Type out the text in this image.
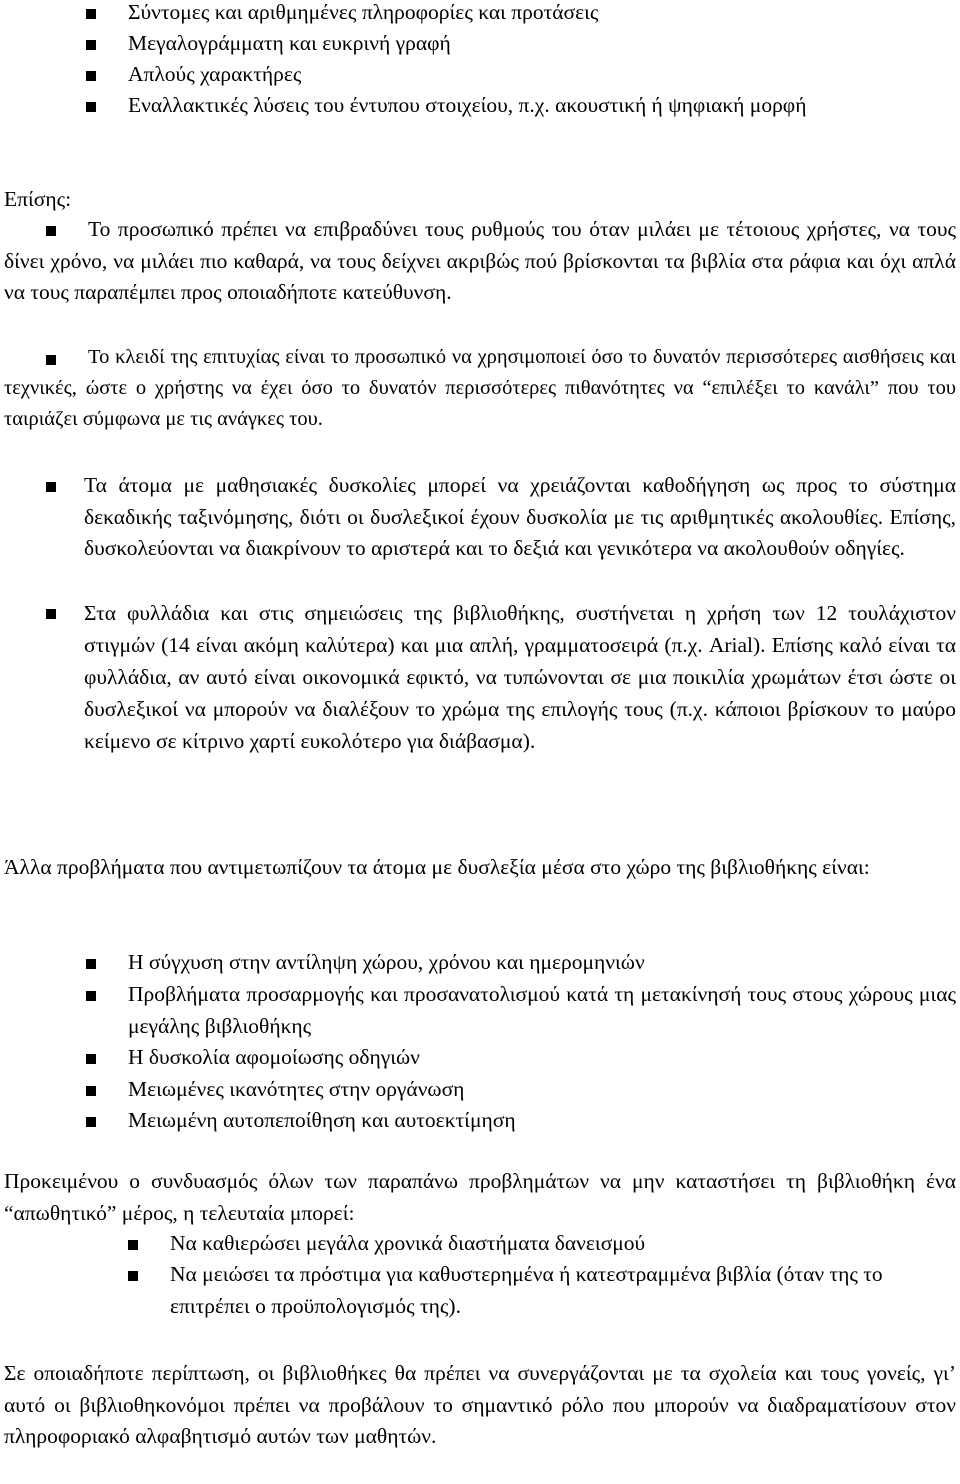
Σύντομες και αριθμημένες πληροφορίες και προτάσεις

Μεγαλογράμματη και ευκρινή γραφή

Απλούς χαρακτήρες

Εναλλακτικές λύσεις του έντυπου στοιχείου, π.χ. ακουστική ή ψηφιακή μορφή

Επίσης:

Το προσωπικό πρέπει να επιβραδύνει τους ρυθμούς του όταν μιλάει με τέτοιους χρήστες, να τους δίνει χρόνο, να μιλάει πιο καθαρά, να τους δείχνει ακριβώς πού βρίσκονται τα βιβλία στα ράφια και όχι απλά να τους παραπέμπει προς οποιαδήποτε κατεύθυνση.

Το κλειδί της επιτυχίας είναι το προσωπικό να χρησιμοποιεί όσο το δυνατόν περισσότερες αισθήσεις και τεχνικές, ώστε ο χρήστης να έχει όσο το δυνατόν περισσότερες πιθανότητες να “επιλέξει το κανάλι” που του ταιριάζει σύμφωνα με τις ανάγκες του.

Τα άτομα με μαθησιακές δυσκολίες μπορεί να χρειάζονται καθοδήγηση ως προς το σύστημα δεκαδικής ταξινόμησης, διότι οι δυσλεξικοί έχουν δυσκολία με τις αριθμητικές ακολουθίες. Επίσης, δυσκολεύονται να διακρίνουν το αριστερά και το δεξιά και γενικότερα να ακολουθούν οδηγίες.

Στα φυλλάδια και στις σημειώσεις της βιβλιοθήκης, συστήνεται η χρήση των 12 τουλάχιστον στιγμών (14 είναι ακόμη καλύτερα) και μια απλή, γραμματοσειρά (π.χ. Arial). Επίσης καλό είναι τα φυλλάδια, αν αυτό είναι οικονομικά εφικτό, να τυπώνονται σε μια ποικιλία χρωμάτων έτσι ώστε οι δυσλεξικοί να μπορούν να διαλέξουν το χρώμα της επιλογής τους (π.χ. κάποιοι βρίσκουν το μαύρο κείμενο σε κίτρινο χαρτί ευκολότερο για διάβασμα).

Άλλα προβλήματα που αντιμετωπίζουν τα άτομα με δυσλεξία μέσα στο χώρο της βιβλιοθήκης είναι:

Η σύγχυση στην αντίληψη χώρου, χρόνου και ημερομηνιών

Προβλήματα προσαρμογής και προσανατολισμού κατά τη μετακίνησή τους στους χώρους μιας μεγάλης βιβλιοθήκης

Η δυσκολία αφομοίωσης οδηγιών

Μειωμένες ικανότητες στην οργάνωση

Μειωμένη αυτοπεποίθηση και αυτοεκτίμηση

Προκειμένου ο συνδυασμός όλων των παραπάνω προβλημάτων να μην καταστήσει τη βιβλιοθήκη ένα “απωθητικό” μέρος, η τελευταία μπορεί:

Να καθιερώσει μεγάλα χρονικά διαστήματα δανεισμού

Να μειώσει τα πρόστιμα για καθυστερημένα ή κατεστραμμένα βιβλία (όταν της το επιτρέπει ο προϋπολογισμός της).

Σε οποιαδήποτε περίπτωση, οι βιβλιοθήκες θα πρέπει να συνεργάζονται με τα σχολεία και τους γονείς, γι’ αυτό οι βιβλιοθηκονόμοι πρέπει να προβάλουν το σημαντικό ρόλο που μπορούν να διαδραματίσουν στον πληροφοριακό αλφαβητισμό αυτών των μαθητών.
